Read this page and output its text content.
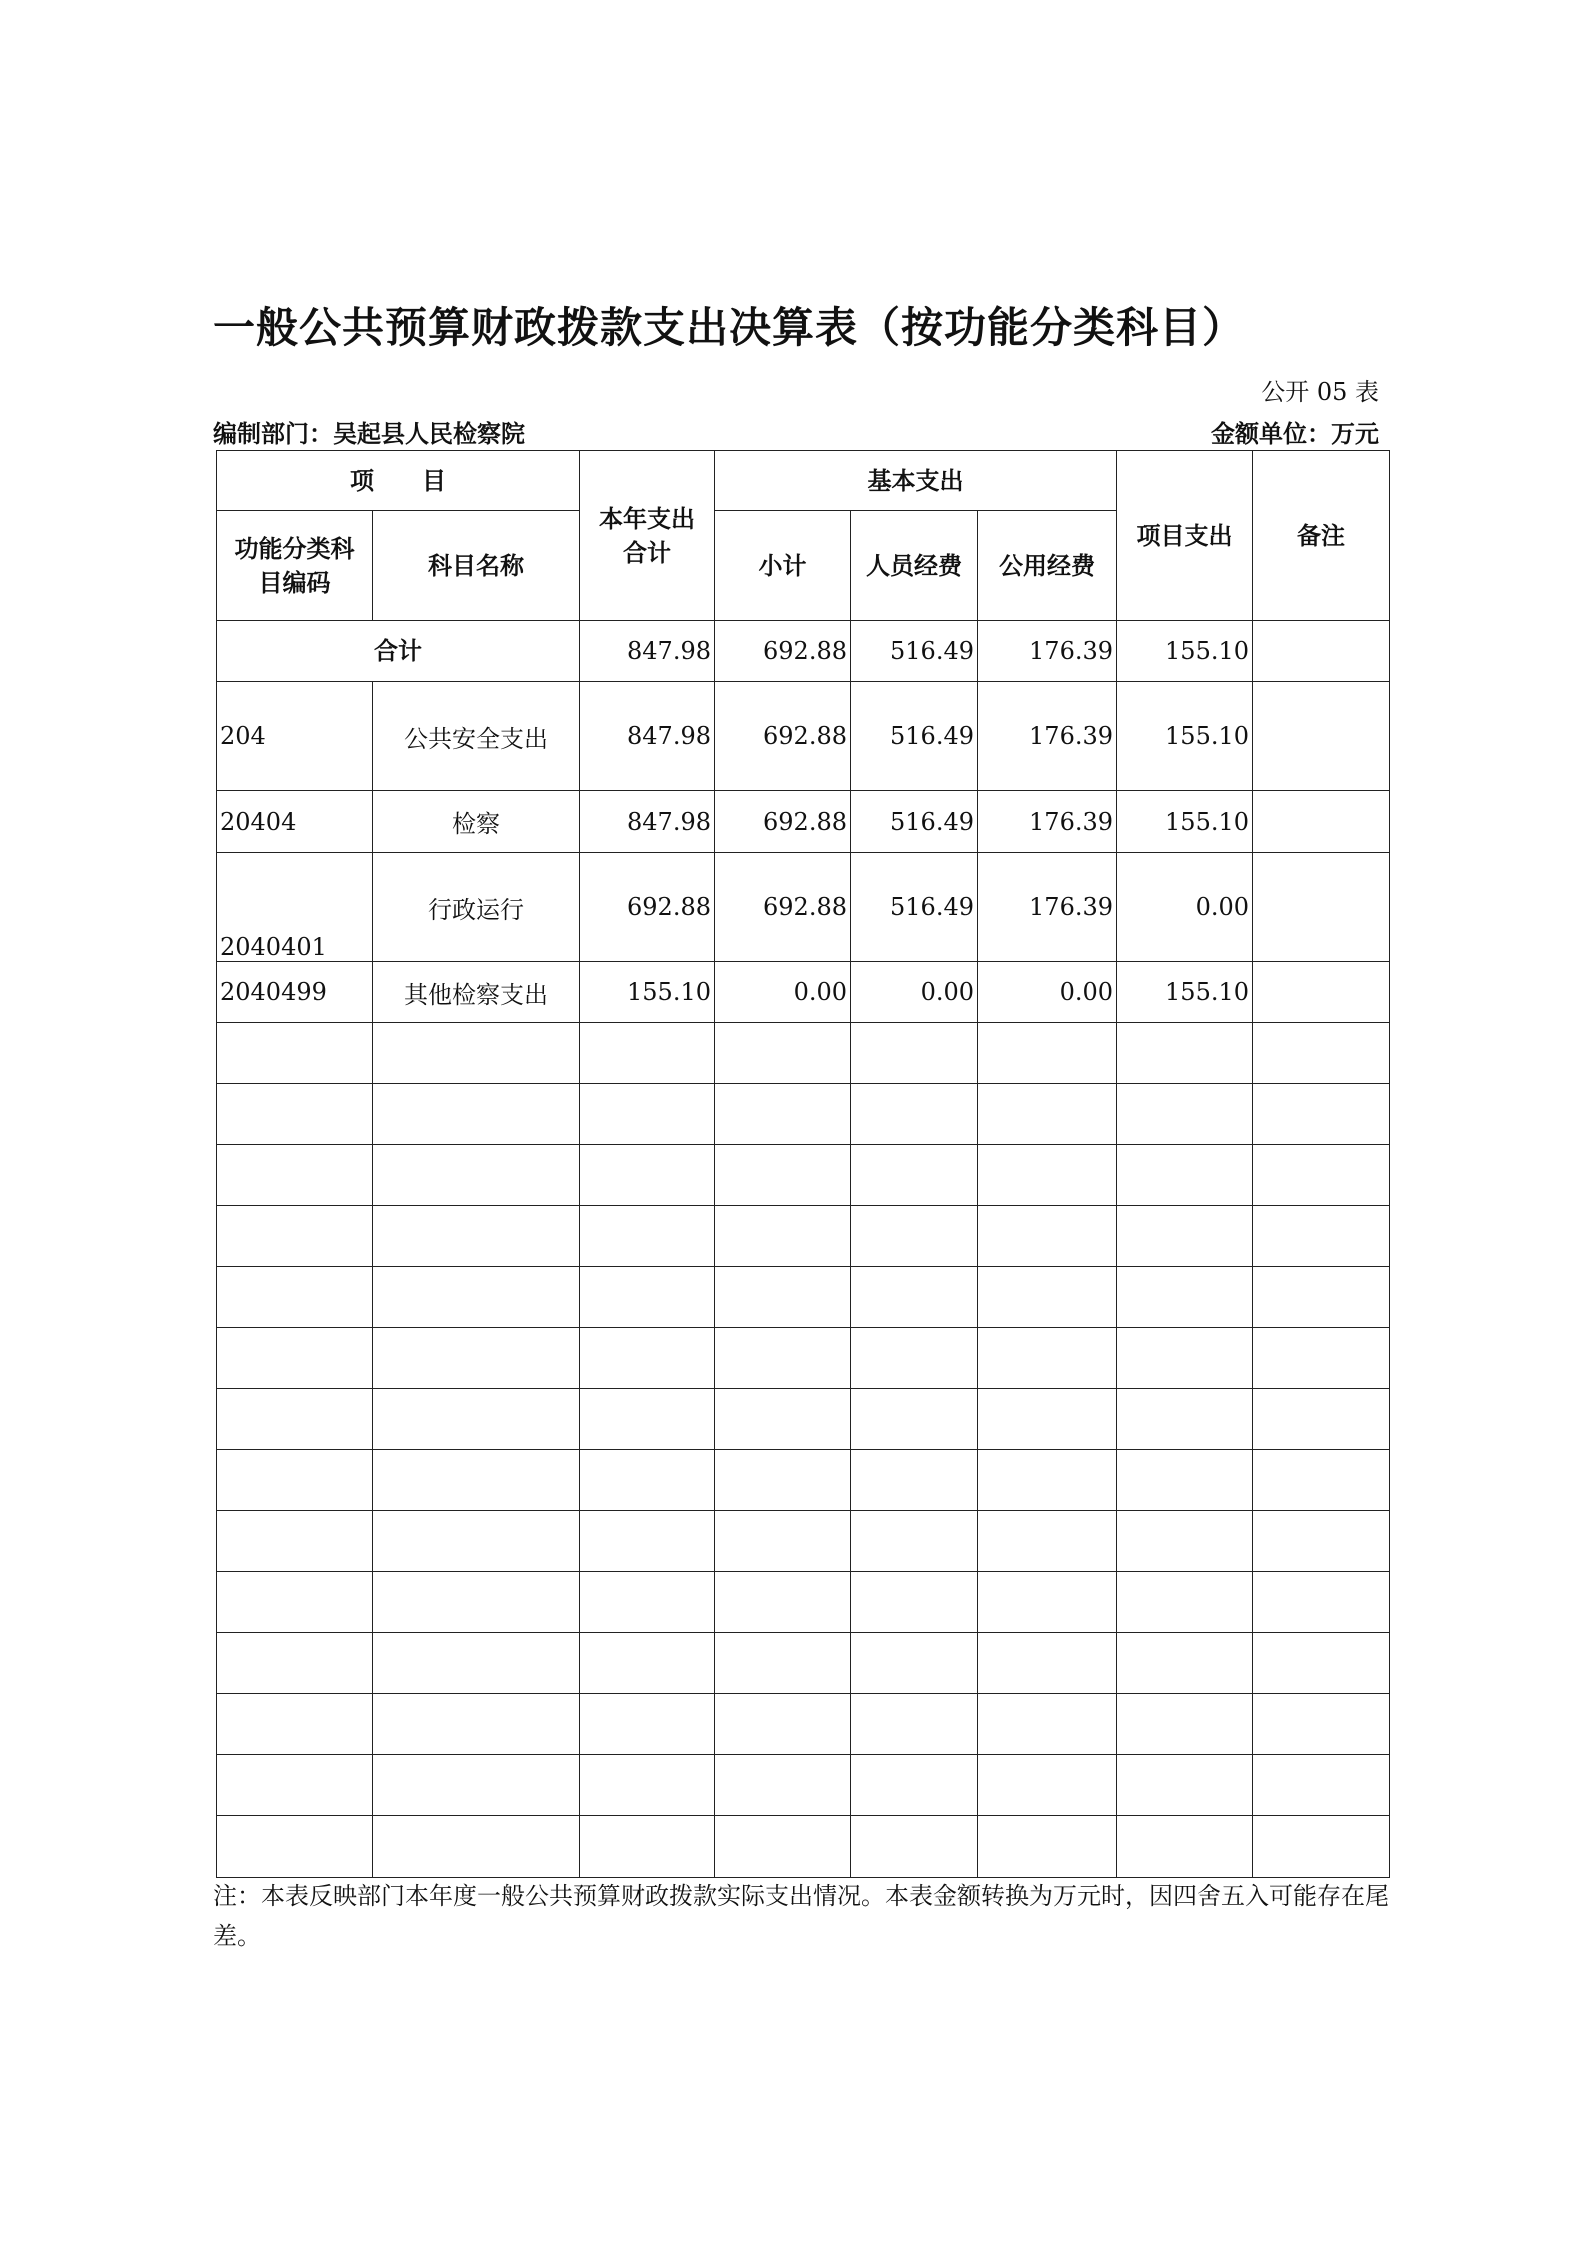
一般公共预算财政拨款支出决算表（按功能分类科目）
公开 05 表
编制部门：吴起县人民检察院	金额单位：万元
项　　目		本年支出合计	基本支出			项目支出	备注
功能分类科目编码	科目名称		小计	人员经费	公用经费		
合计		847.98	692.88	516.49	176.39	155.10	
204	公共安全支出	847.98	692.88	516.49	176.39	155.10	
20404	检察	847.98	692.88	516.49	176.39	155.10	
2040401	行政运行	692.88	692.88	516.49	176.39	0.00	
2040499	其他检察支出	155.10	0.00	0.00	0.00	155.10	

注：本表反映部门本年度一般公共预算财政拨款实际支出情况。本表金额转换为万元时，因四舍五入可能存在尾差。
